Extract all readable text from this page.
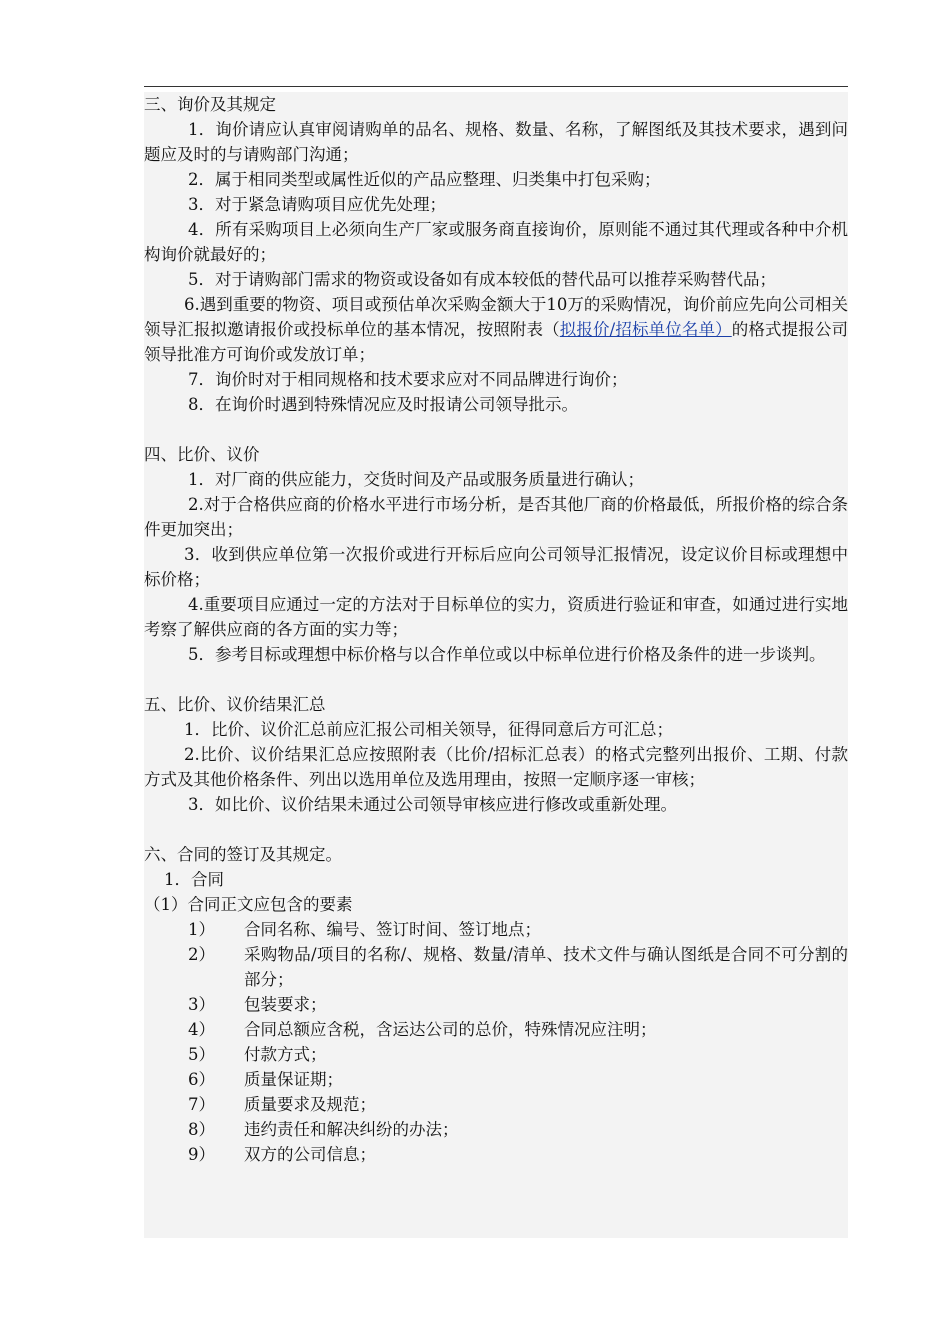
三、询价及其规定

1．询价请应认真审阅请购单的品名、规格、数量、名称，了解图纸及其技术要求，遇到问题应及时的与请购部门沟通；

2．属于相同类型或属性近似的产品应整理、归类集中打包采购；

3．对于紧急请购项目应优先处理；

4．所有采购项目上必须向生产厂家或服务商直接询价，原则能不通过其代理或各种中介机构询价就最好的；

5．对于请购部门需求的物资或设备如有成本较低的替代品可以推荐采购替代品；

6.遇到重要的物资、项目或预估单次采购金额大于10万的采购情况，询价前应先向公司相关领导汇报拟邀请报价或投标单位的基本情况，按照附表（拟报价/招标单位名单）的格式提报公司领导批准方可询价或发放订单；

7．询价时对于相同规格和技术要求应对不同品牌进行询价；

8．在询价时遇到特殊情况应及时报请公司领导批示。

四、比价、议价

1．对厂商的供应能力，交货时间及产品或服务质量进行确认；

2.对于合格供应商的价格水平进行市场分析，是否其他厂商的价格最低，所报价格的综合条件更加突出；

3．收到供应单位第一次报价或进行开标后应向公司领导汇报情况，设定议价目标或理想中标价格；

4.重要项目应通过一定的方法对于目标单位的实力，资质进行验证和审查，如通过进行实地考察了解供应商的各方面的实力等；

5．参考目标或理想中标价格与以合作单位或以中标单位进行价格及条件的进一步谈判。

五、比价、议价结果汇总

1．比价、议价汇总前应汇报公司相关领导，征得同意后方可汇总；

2.比价、议价结果汇总应按照附表（比价/招标汇总表）的格式完整列出报价、工期、付款方式及其他价格条件、列出以选用单位及选用理由，按照一定顺序逐一审核；

3．如比价、议价结果未通过公司领导审核应进行修改或重新处理。

六、合同的签订及其规定。

1．合同

（1）合同正文应包含的要素

1）	合同名称、编号、签订时间、签订地点；
2）	采购物品/项目的名称/、规格、数量/清单、技术文件与确认图纸是合同不可分割的部分；
3）	包装要求；
4）	合同总额应含税，含运达公司的总价，特殊情况应注明；
5）	付款方式；
6）	质量保证期；
7）	质量要求及规范；
8）	违约责任和解决纠纷的办法；
9）	双方的公司信息；
